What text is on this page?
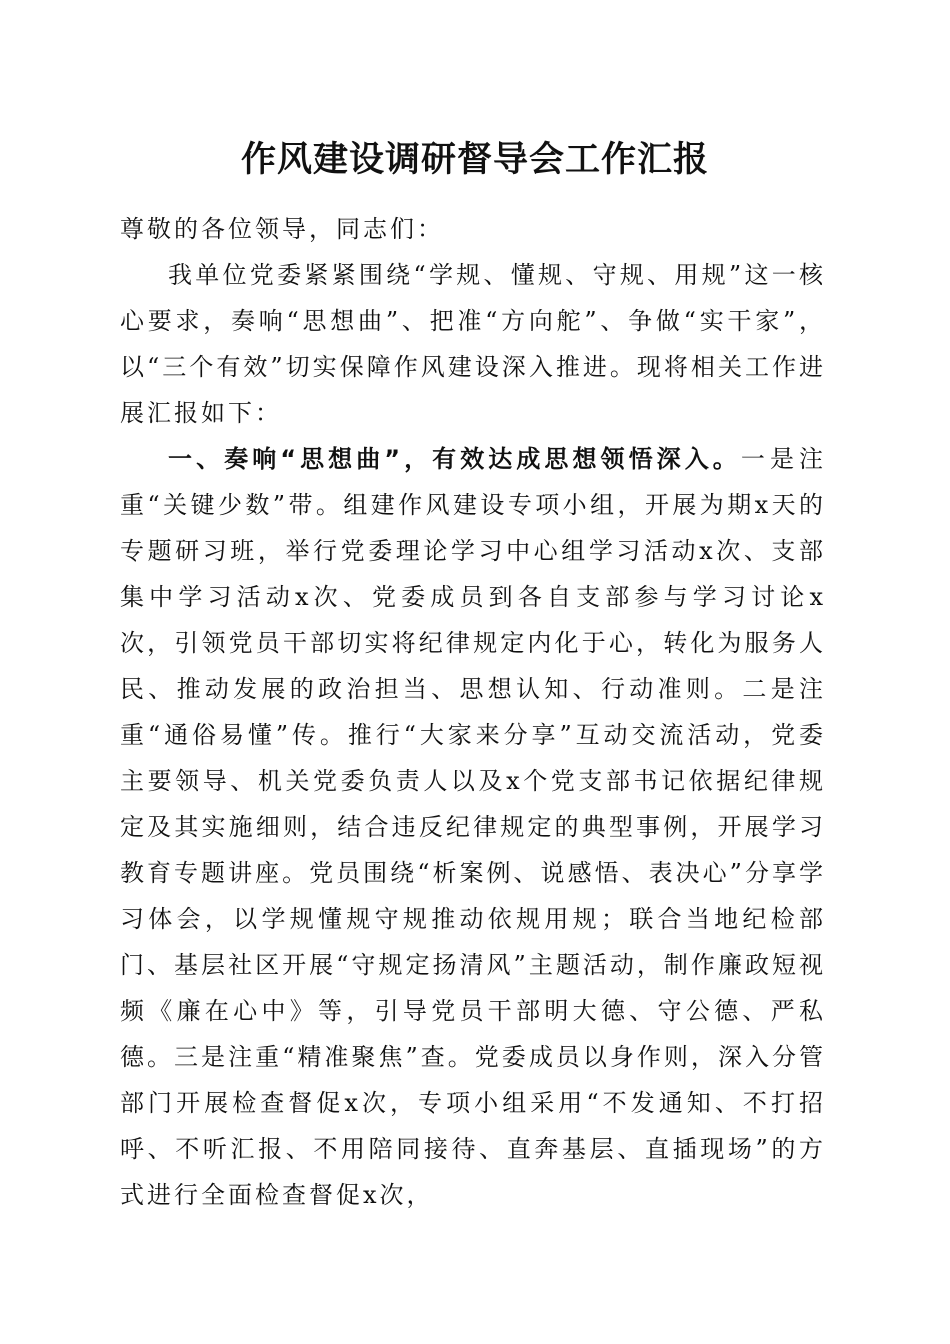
作风建设调研督导会工作汇报

尊敬的各位领导，同志们：

我单位党委紧紧围绕“学规、懂规、守规、用规”这一核心要求，奏响“思想曲”、把准“方向舵”、争做“实干家”，以“三个有效”切实保障作风建设深入推进。现将相关工作进展汇报如下：

一、奏响“思想曲”，有效达成思想领悟深入。一是注重“关键少数”带。组建作风建设专项小组，开展为期x天的专题研习班，举行党委理论学习中心组学习活动x次、支部集中学习活动x次、党委成员到各自支部参与学习讨论x次，引领党员干部切实将纪律规定内化于心，转化为服务人民、推动发展的政治担当、思想认知、行动准则。二是注重“通俗易懂”传。推行“大家来分享”互动交流活动，党委主要领导、机关党委负责人以及x个党支部书记依据纪律规定及其实施细则，结合违反纪律规定的典型事例，开展学习教育专题讲座。党员围绕“析案例、说感悟、表决心”分享学习体会，以学规懂规守规推动依规用规；联合当地纪检部门、基层社区开展“守规定扬清风”主题活动，制作廉政短视频《廉在心中》等，引导党员干部明大德、守公德、严私德。三是注重“精准聚焦”查。党委成员以身作则，深入分管部门开展检查督促x次，专项小组采用“不发通知、不打招呼、不听汇报、不用陪同接待、直奔基层、直插现场”的方式进行全面检查督促x次，
